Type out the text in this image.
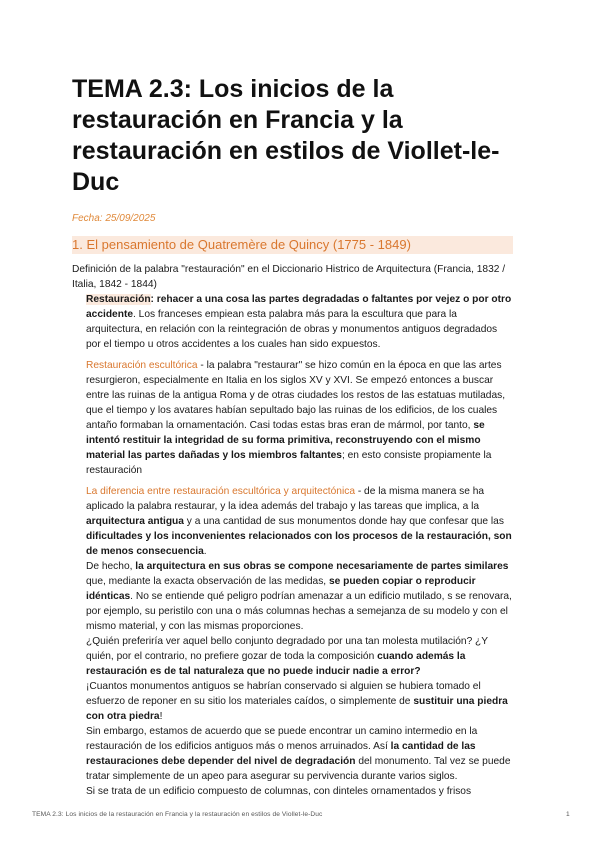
TEMA 2.3: Los inicios de la restauración en Francia y la restauración en estilos de Viollet-le-Duc
Fecha: 25/09/2025
1. El pensamiento de Quatremère de Quincy (1775 - 1849)

Definición de la palabra "restauración" en el Diccionario Histrico de Arquitectura (Francia, 1832 / Italia, 1842 - 1844)

Restauración: rehacer a una cosa las partes degradadas o faltantes por vejez o por otro accidente. Los franceses empiean esta palabra más para la escultura que para la arquitectura, en relación con la reintegración de obras y monumentos antiguos degradados por el tiempo u otros accidentes a los cuales han sido expuestos.

Restauración escultórica - la palabra "restaurar" se hizo común en la época en que las artes resurgieron, especialmente en Italia en los siglos XV y XVI. Se empezó entonces a buscar entre las ruinas de la antigua Roma y de otras ciudades los restos de las estatuas mutiladas, que el tiempo y los avatares habían sepultado bajo las ruinas de los edificios, de los cuales antaño formaban la ornamentación. Casi todas estas bras eran de mármol, por tanto, se intentó restituir la integridad de su forma primitiva, reconstruyendo con el mismo material las partes dañadas y los miembros faltantes; en esto consiste propiamente la restauración

La diferencia entre restauración escultórica y arquitectónica - de la misma manera se ha aplicado la palabra restaurar, y la idea además del trabajo y las tareas que implica, a la arquitectura antigua y a una cantidad de sus monumentos donde hay que confesar que las dificultades y los inconvenientes relacionados con los procesos de la restauración, son de menos consecuencia.

De hecho, la arquitectura en sus obras se compone necesariamente de partes similares que, mediante la exacta observación de las medidas, se pueden copiar o reproducir idénticas. No se entiende qué peligro podrían amenazar a un edificio mutilado, s se renovara, por ejemplo, su peristilo con una o más columnas hechas a semejanza de su modelo y con el mismo material, y con las mismas proporciones.

¿Quién preferiría ver aquel bello conjunto degradado por una tan molesta mutilación? ¿Y quién, por el contrario, no prefiere gozar de toda la composición cuando además la restauración es de tal naturaleza que no puede inducir nadie a error?

¡Cuantos monumentos antiguos se habrían conservado si alguien se hubiera tomado el esfuerzo de reponer en su sitio los materiales caídos, o simplemente de sustituir una piedra con otra piedra!

Sin embargo, estamos de acuerdo que se puede encontrar un camino intermedio en la restauración de los edificios antiguos más o menos arruinados. Así la cantidad de las restauraciones debe depender del nivel de degradación del monumento. Tal vez se puede tratar simplemente de un apeo para asegurar su pervivencia durante varios siglos.

Si se trata de un edificio compuesto de columnas, con dinteles ornamentados y frisos

TEMA 2.3: Los inicios de la restauración en Francia y la restauración en estilos de Viollet-le-Duc	1
